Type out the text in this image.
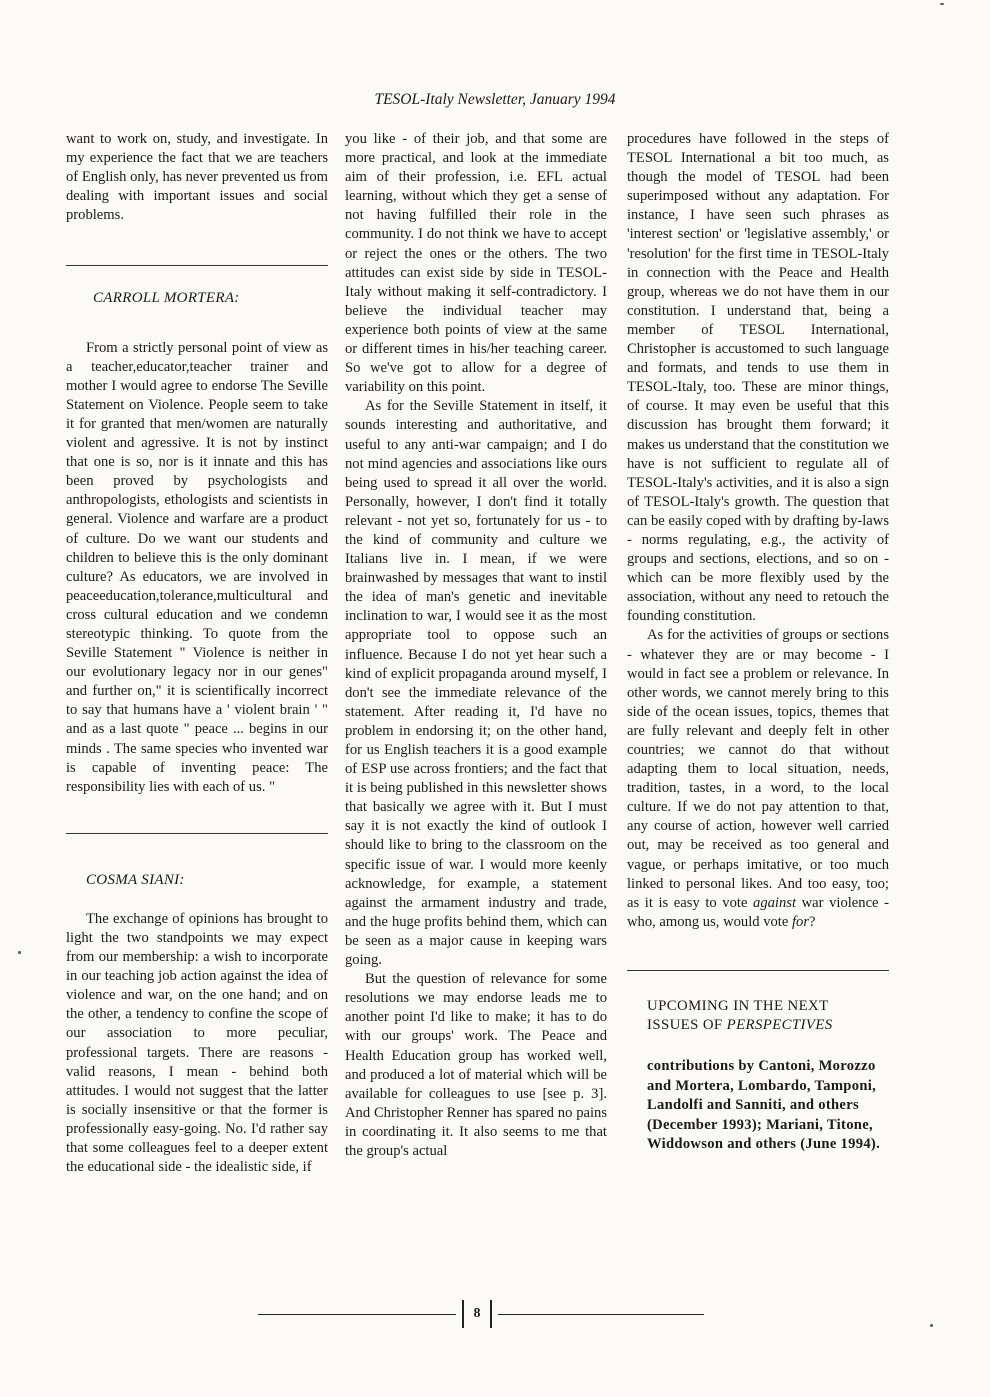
TESOL-Italy Newsletter, January 1994

want to work on, study, and investigate. In my experience the fact that we are teachers of English only, has never prevented us from dealing with important issues and social problems.

CARROLL MORTERA:

From a strictly personal point of view as a teacher,educator,teacher trainer and mother I would agree to endorse The Seville Statement on Violence. People seem to take it for granted that men/women are naturally violent and agressive. It is not by instinct that one is so, nor is it innate and this has been proved by psychologists and anthropologists, ethologists and scientists in general. Violence and warfare are a product of culture. Do we want our students and children to believe this is the only dominant culture? As educators, we are involved in peaceeducation,tolerance,multicultural and cross cultural education and we condemn stereotypic thinking. To quote from the Seville Statement " Violence is neither in our evolutionary legacy nor in our genes" and further on," it is scientifically incorrect to say that humans have a ' violent brain ' " and as a last quote " peace ... begins in our minds . The same species who invented war is capable of inventing peace: The responsibility lies with each of us. "

COSMA SIANI:

The exchange of opinions has brought to light the two standpoints we may expect from our membership: a wish to incorporate in our teaching job action against the idea of violence and war, on the one hand; and on the other, a tendency to confine the scope of our association to more peculiar, professional targets. There are reasons - valid reasons, I mean - behind both attitudes. I would not suggest that the latter is socially insensitive or that the former is professionally easy-going. No. I'd rather say that some colleagues feel to a deeper extent the educational side - the idealistic side, if

you like - of their job, and that some are more practical, and look at the immediate aim of their profession, i.e. EFL actual learning, without which they get a sense of not having fulfilled their role in the community. I do not think we have to accept or reject the ones or the others. The two attitudes can exist side by side in TESOL-Italy without making it self-contradictory. I believe the individual teacher may experience both points of view at the same or different times in his/her teaching career. So we've got to allow for a degree of variability on this point.

As for the Seville Statement in itself, it sounds interesting and authoritative, and useful to any anti-war campaign; and I do not mind agencies and associations like ours being used to spread it all over the world. Personally, however, I don't find it totally relevant - not yet so, fortunately for us - to the kind of community and culture we Italians live in. I mean, if we were brainwashed by messages that want to instil the idea of man's genetic and inevitable inclination to war, I would see it as the most appropriate tool to oppose such an influence. Because I do not yet hear such a kind of explicit propaganda around myself, I don't see the immediate relevance of the statement. After reading it, I'd have no problem in endorsing it; on the other hand, for us English teachers it is a good example of ESP use across frontiers; and the fact that it is being published in this newsletter shows that basically we agree with it. But I must say it is not exactly the kind of outlook I should like to bring to the classroom on the specific issue of war. I would more keenly acknowledge, for example, a statement against the armament industry and trade, and the huge profits behind them, which can be seen as a major cause in keeping wars going.

But the question of relevance for some resolutions we may endorse leads me to another point I'd like to make; it has to do with our groups' work. The Peace and Health Education group has worked well, and produced a lot of material which will be available for colleagues to use [see p. 3]. And Christopher Renner has spared no pains in coordinating it. It also seems to me that the group's actual

procedures have followed in the steps of TESOL International a bit too much, as though the model of TESOL had been superimposed without any adaptation. For instance, I have seen such phrases as 'interest section' or 'legislative assembly,' or 'resolution' for the first time in TESOL-Italy in connection with the Peace and Health group, whereas we do not have them in our constitution. I understand that, being a member of TESOL International, Christopher is accustomed to such language and formats, and tends to use them in TESOL-Italy, too. These are minor things, of course. It may even be useful that this discussion has brought them forward; it makes us understand that the constitution we have is not sufficient to regulate all of TESOL-Italy's activities, and it is also a sign of TESOL-Italy's growth. The question that can be easily coped with by drafting by-laws - norms regulating, e.g., the activity of groups and sections, elections, and so on - which can be more flexibly used by the association, without any need to retouch the founding constitution.

As for the activities of groups or sections - whatever they are or may become - I would in fact see a problem or relevance. In other words, we cannot merely bring to this side of the ocean issues, topics, themes that are fully relevant and deeply felt in other countries; we cannot do that without adapting them to local situation, needs, tradition, tastes, in a word, to the local culture. If we do not pay attention to that, any course of action, however well carried out, may be received as too general and vague, or perhaps imitative, or too much linked to personal likes. And too easy, too; as it is easy to vote against war violence - who, among us, would vote for?

UPCOMING IN THE NEXT
ISSUES OF PERSPECTIVES
contributions by Cantoni, Morozzo and Mortera, Lombardo, Tamponi, Landolfi and Sanniti, and others (December 1993); Mariani, Titone, Widdowson and others (June 1994).
8
